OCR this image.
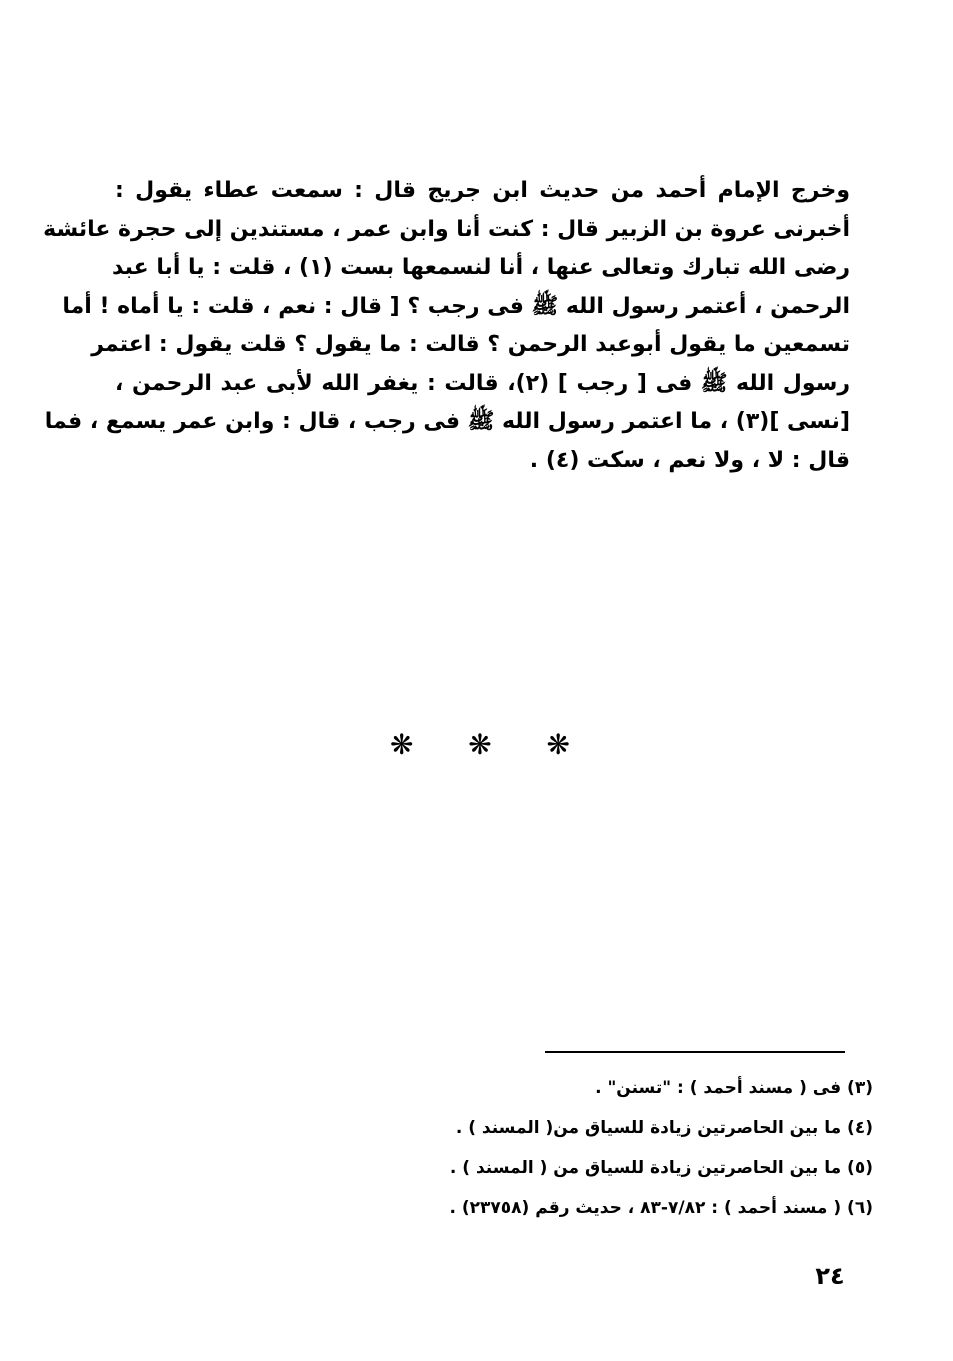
وخرج الإمام أحمد من حديث ابن جريج قال : سمعت عطاء يقول :
أخبرنى عروة بن الزبير قال : كنت أنا وابن عمر ، مستندين إلى حجرة عائشة
رضى الله تبارك وتعالى عنها ، أنا لنسمعها بست (١) ، قلت : يا أبا عبد
الرحمن ، أعتمر رسول الله ﷺ فى رجب ؟ [ قال : نعم ، قلت : يا أماه ! أما
تسمعين ما يقول أبوعبد الرحمن ؟ قالت : ما يقول ؟ قلت يقول : اعتمر
رسول الله ﷺ فى [ رجب ] (٢)، قالت : يغفر الله لأبى عبد الرحمن ،
[نسى ](٣) ، ما اعتمر رسول الله ﷺ فى رجب ، قال : وابن عمر يسمع ، فما
قال : لا ، ولا نعم ، سكت (٤) .
❋ ❋ ❋
(٣) فى ( مسند أحمد ) : "تسنن" .
(٤) ما بين الحاصرتين زيادة للسياق من( المسند ) .
(٥) ما بين الحاصرتين زيادة للسياق من ( المسند ) .
(٦) ( مسند أحمد ) : ٧/٨٢-٨٣ ، حديث رقم (٢٣٧٥٨) .
٢٤
